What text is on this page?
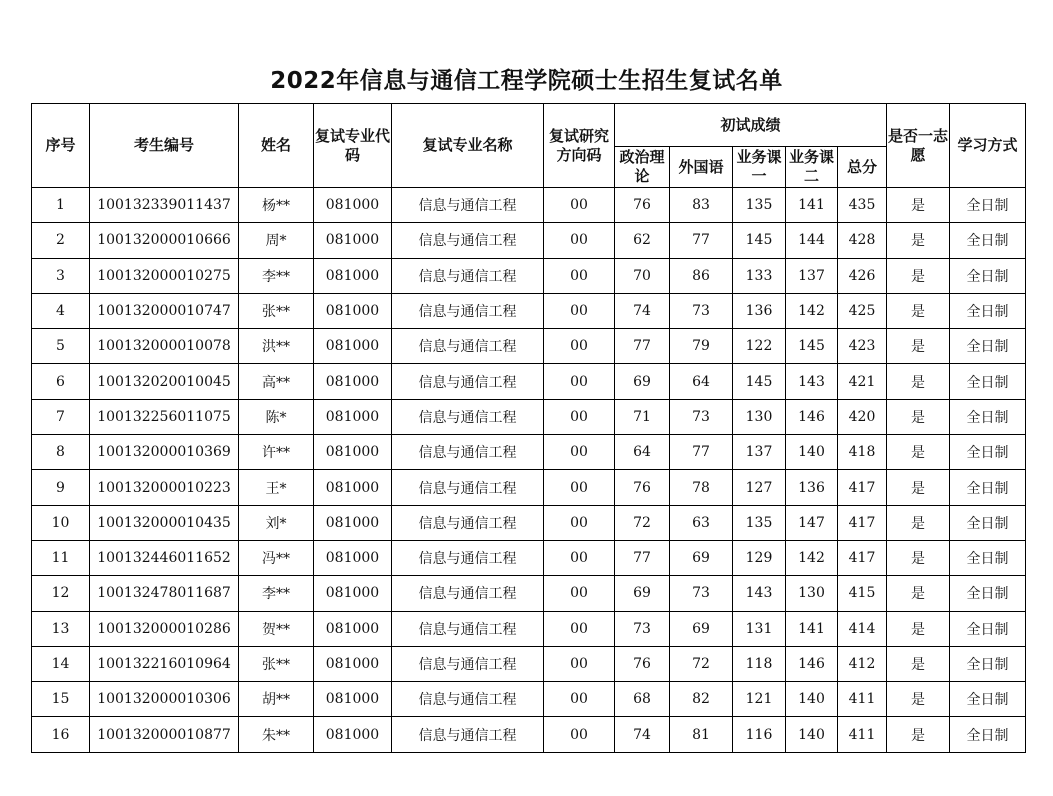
2022年信息与通信工程学院硕士生招生复试名单
序号	考生编号	姓名	复试专业代码	复试专业名称	复试研究方向码	初试成绩					是否一志愿	学习方式
						政治理论	外国语	业务课一	业务课二	总分		
1	100132339011437	杨**	081000	信息与通信工程	00	76	83	135	141	435	是	全日制
2	100132000010666	周*	081000	信息与通信工程	00	62	77	145	144	428	是	全日制
3	100132000010275	李**	081000	信息与通信工程	00	70	86	133	137	426	是	全日制
4	100132000010747	张**	081000	信息与通信工程	00	74	73	136	142	425	是	全日制
5	100132000010078	洪**	081000	信息与通信工程	00	77	79	122	145	423	是	全日制
6	100132020010045	高**	081000	信息与通信工程	00	69	64	145	143	421	是	全日制
7	100132256011075	陈*	081000	信息与通信工程	00	71	73	130	146	420	是	全日制
8	100132000010369	许**	081000	信息与通信工程	00	64	77	137	140	418	是	全日制
9	100132000010223	王*	081000	信息与通信工程	00	76	78	127	136	417	是	全日制
10	100132000010435	刘*	081000	信息与通信工程	00	72	63	135	147	417	是	全日制
11	100132446011652	冯**	081000	信息与通信工程	00	77	69	129	142	417	是	全日制
12	100132478011687	李**	081000	信息与通信工程	00	69	73	143	130	415	是	全日制
13	100132000010286	贺**	081000	信息与通信工程	00	73	69	131	141	414	是	全日制
14	100132216010964	张**	081000	信息与通信工程	00	76	72	118	146	412	是	全日制
15	100132000010306	胡**	081000	信息与通信工程	00	68	82	121	140	411	是	全日制
16	100132000010877	朱**	081000	信息与通信工程	00	74	81	116	140	411	是	全日制
